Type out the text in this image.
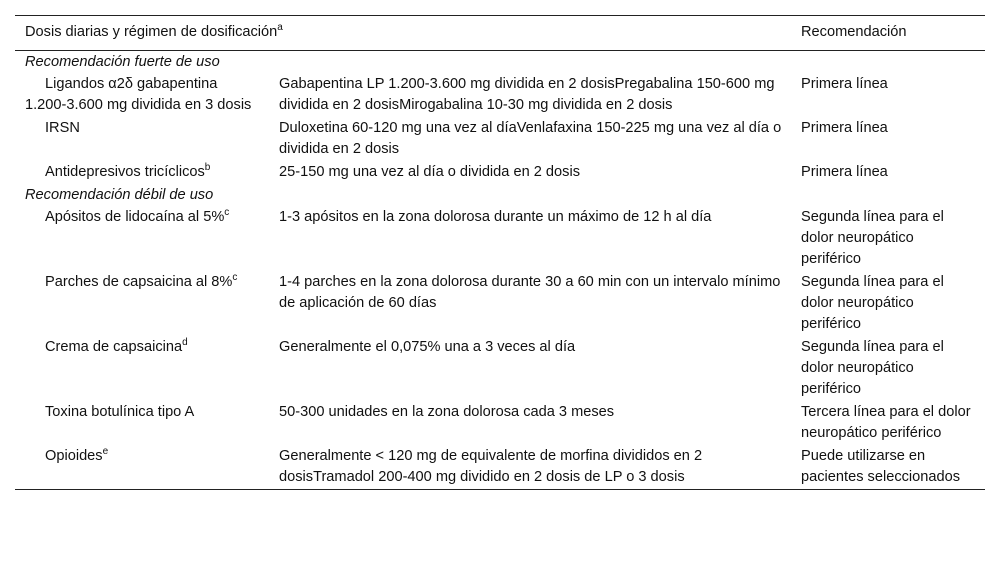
Dosis diarias y régimen de dosificación$^a$		Recomendación
Recomendación fuerte de uso		
Ligandos α2δ gabapentina 1.200-3.600 mg dividida en 3 dosis	Gabapentina LP 1.200-3.600 mg dividida en 2 dosisPregabalina 150-600 mg dividida en 2 dosisMirogabalina 10-30 mg dividida en 2 dosis	Primera línea
IRSN	Duloxetina 60-120 mg una vez al díaVenlafaxina 150-225 mg una vez al día o dividida en 2 dosis	Primera línea
Antidepresivos tricíclicos$^b$	25-150 mg una vez al día o dividida en 2 dosis	Primera línea
Recomendación débil de uso		
Apósitos de lidocaína al 5%$^c$	1-3 apósitos en la zona dolorosa durante un máximo de 12 h al día	Segunda línea para el dolor neuropático periférico
Parches de capsaicina al 8%$^c$	1-4 parches en la zona dolorosa durante 30 a 60 min con un intervalo mínimo de aplicación de 60 días	Segunda línea para el dolor neuropático periférico
Crema de capsaicina$^d$	Generalmente el 0,075% una a 3 veces al día	Segunda línea para el dolor neuropático periférico
Toxina botulínica tipo A	50-300 unidades en la zona dolorosa cada 3 meses	Tercera línea para el dolor neuropático periférico
Opioides$^e$	Generalmente < 120 mg de equivalente de morfina divididos en 2 dosisTramadol 200-400 mg dividido en 2 dosis de LP o 3 dosis	Puede utilizarse en pacientes seleccionados
